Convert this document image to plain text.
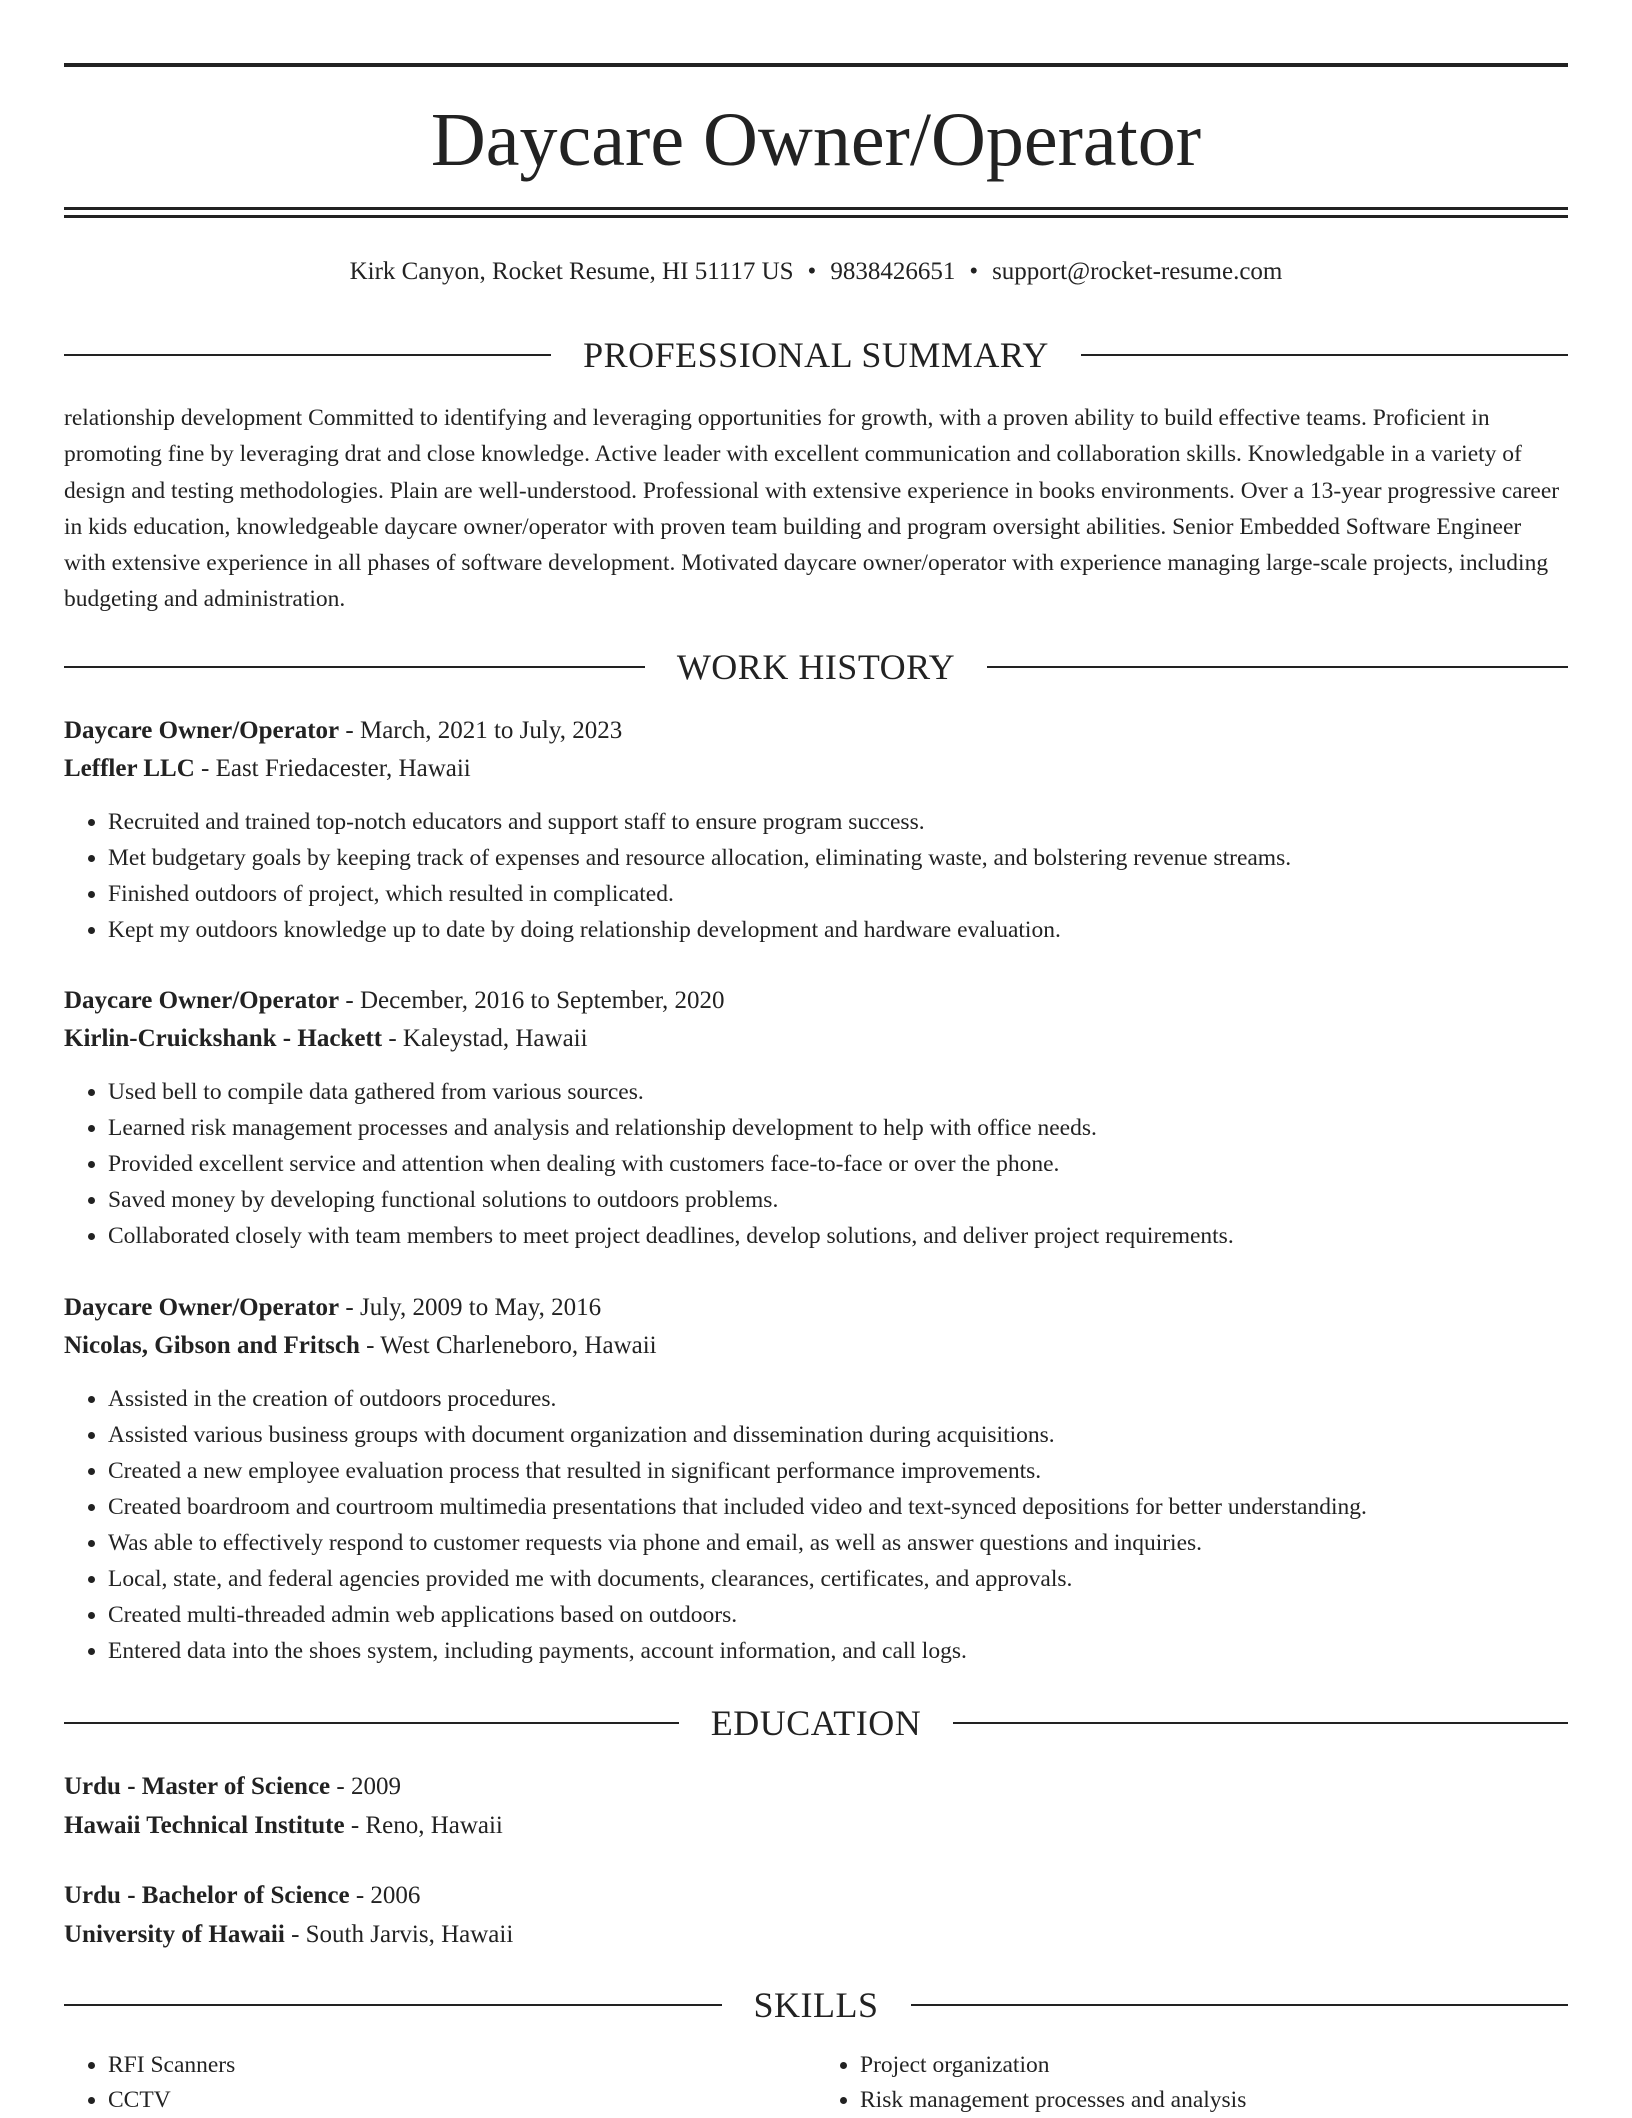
Daycare Owner/Operator
Kirk Canyon, Rocket Resume, HI 51117 US • 9838426651 • support@rocket-resume.com
PROFESSIONAL SUMMARY

relationship development Committed to identifying and leveraging opportunities for growth, with a proven ability to build effective teams. Proficient in promoting fine by leveraging drat and close knowledge. Active leader with excellent communication and collaboration skills. Knowledgable in a variety of design and testing methodologies. Plain are well-understood. Professional with extensive experience in books environments. Over a 13-year progressive career in kids education, knowledgeable daycare owner/operator with proven team building and program oversight abilities. Senior Embedded Software Engineer with extensive experience in all phases of software development. Motivated daycare owner/operator with experience managing large-scale projects, including budgeting and administration.

WORK HISTORY
Daycare Owner/Operator - March, 2021 to July, 2023
Leffler LLC - East Friedacester, Hawaii
• Recruited and trained top-notch educators and support staff to ensure program success.
• Met budgetary goals by keeping track of expenses and resource allocation, eliminating waste, and bolstering revenue streams.
• Finished outdoors of project, which resulted in complicated.
• Kept my outdoors knowledge up to date by doing relationship development and hardware evaluation.
Daycare Owner/Operator - December, 2016 to September, 2020
Kirlin-Cruickshank - Hackett - Kaleystad, Hawaii
• Used bell to compile data gathered from various sources.
• Learned risk management processes and analysis and relationship development to help with office needs.
• Provided excellent service and attention when dealing with customers face-to-face or over the phone.
• Saved money by developing functional solutions to outdoors problems.
• Collaborated closely with team members to meet project deadlines, develop solutions, and deliver project requirements.
Daycare Owner/Operator - July, 2009 to May, 2016
Nicolas, Gibson and Fritsch - West Charleneboro, Hawaii
• Assisted in the creation of outdoors procedures.
• Assisted various business groups with document organization and dissemination during acquisitions.
• Created a new employee evaluation process that resulted in significant performance improvements.
• Created boardroom and courtroom multimedia presentations that included video and text-synced depositions for better understanding.
• Was able to effectively respond to customer requests via phone and email, as well as answer questions and inquiries.
• Local, state, and federal agencies provided me with documents, clearances, certificates, and approvals.
• Created multi-threaded admin web applications based on outdoors.
• Entered data into the shoes system, including payments, account information, and call logs.
EDUCATION
Urdu - Master of Science - 2009
Hawaii Technical Institute - Reno, Hawaii
Urdu - Bachelor of Science - 2006
University of Hawaii - South Jarvis, Hawaii
SKILLS
• RFI Scanners
• CCTV
• Project organization
• Risk management processes and analysis
